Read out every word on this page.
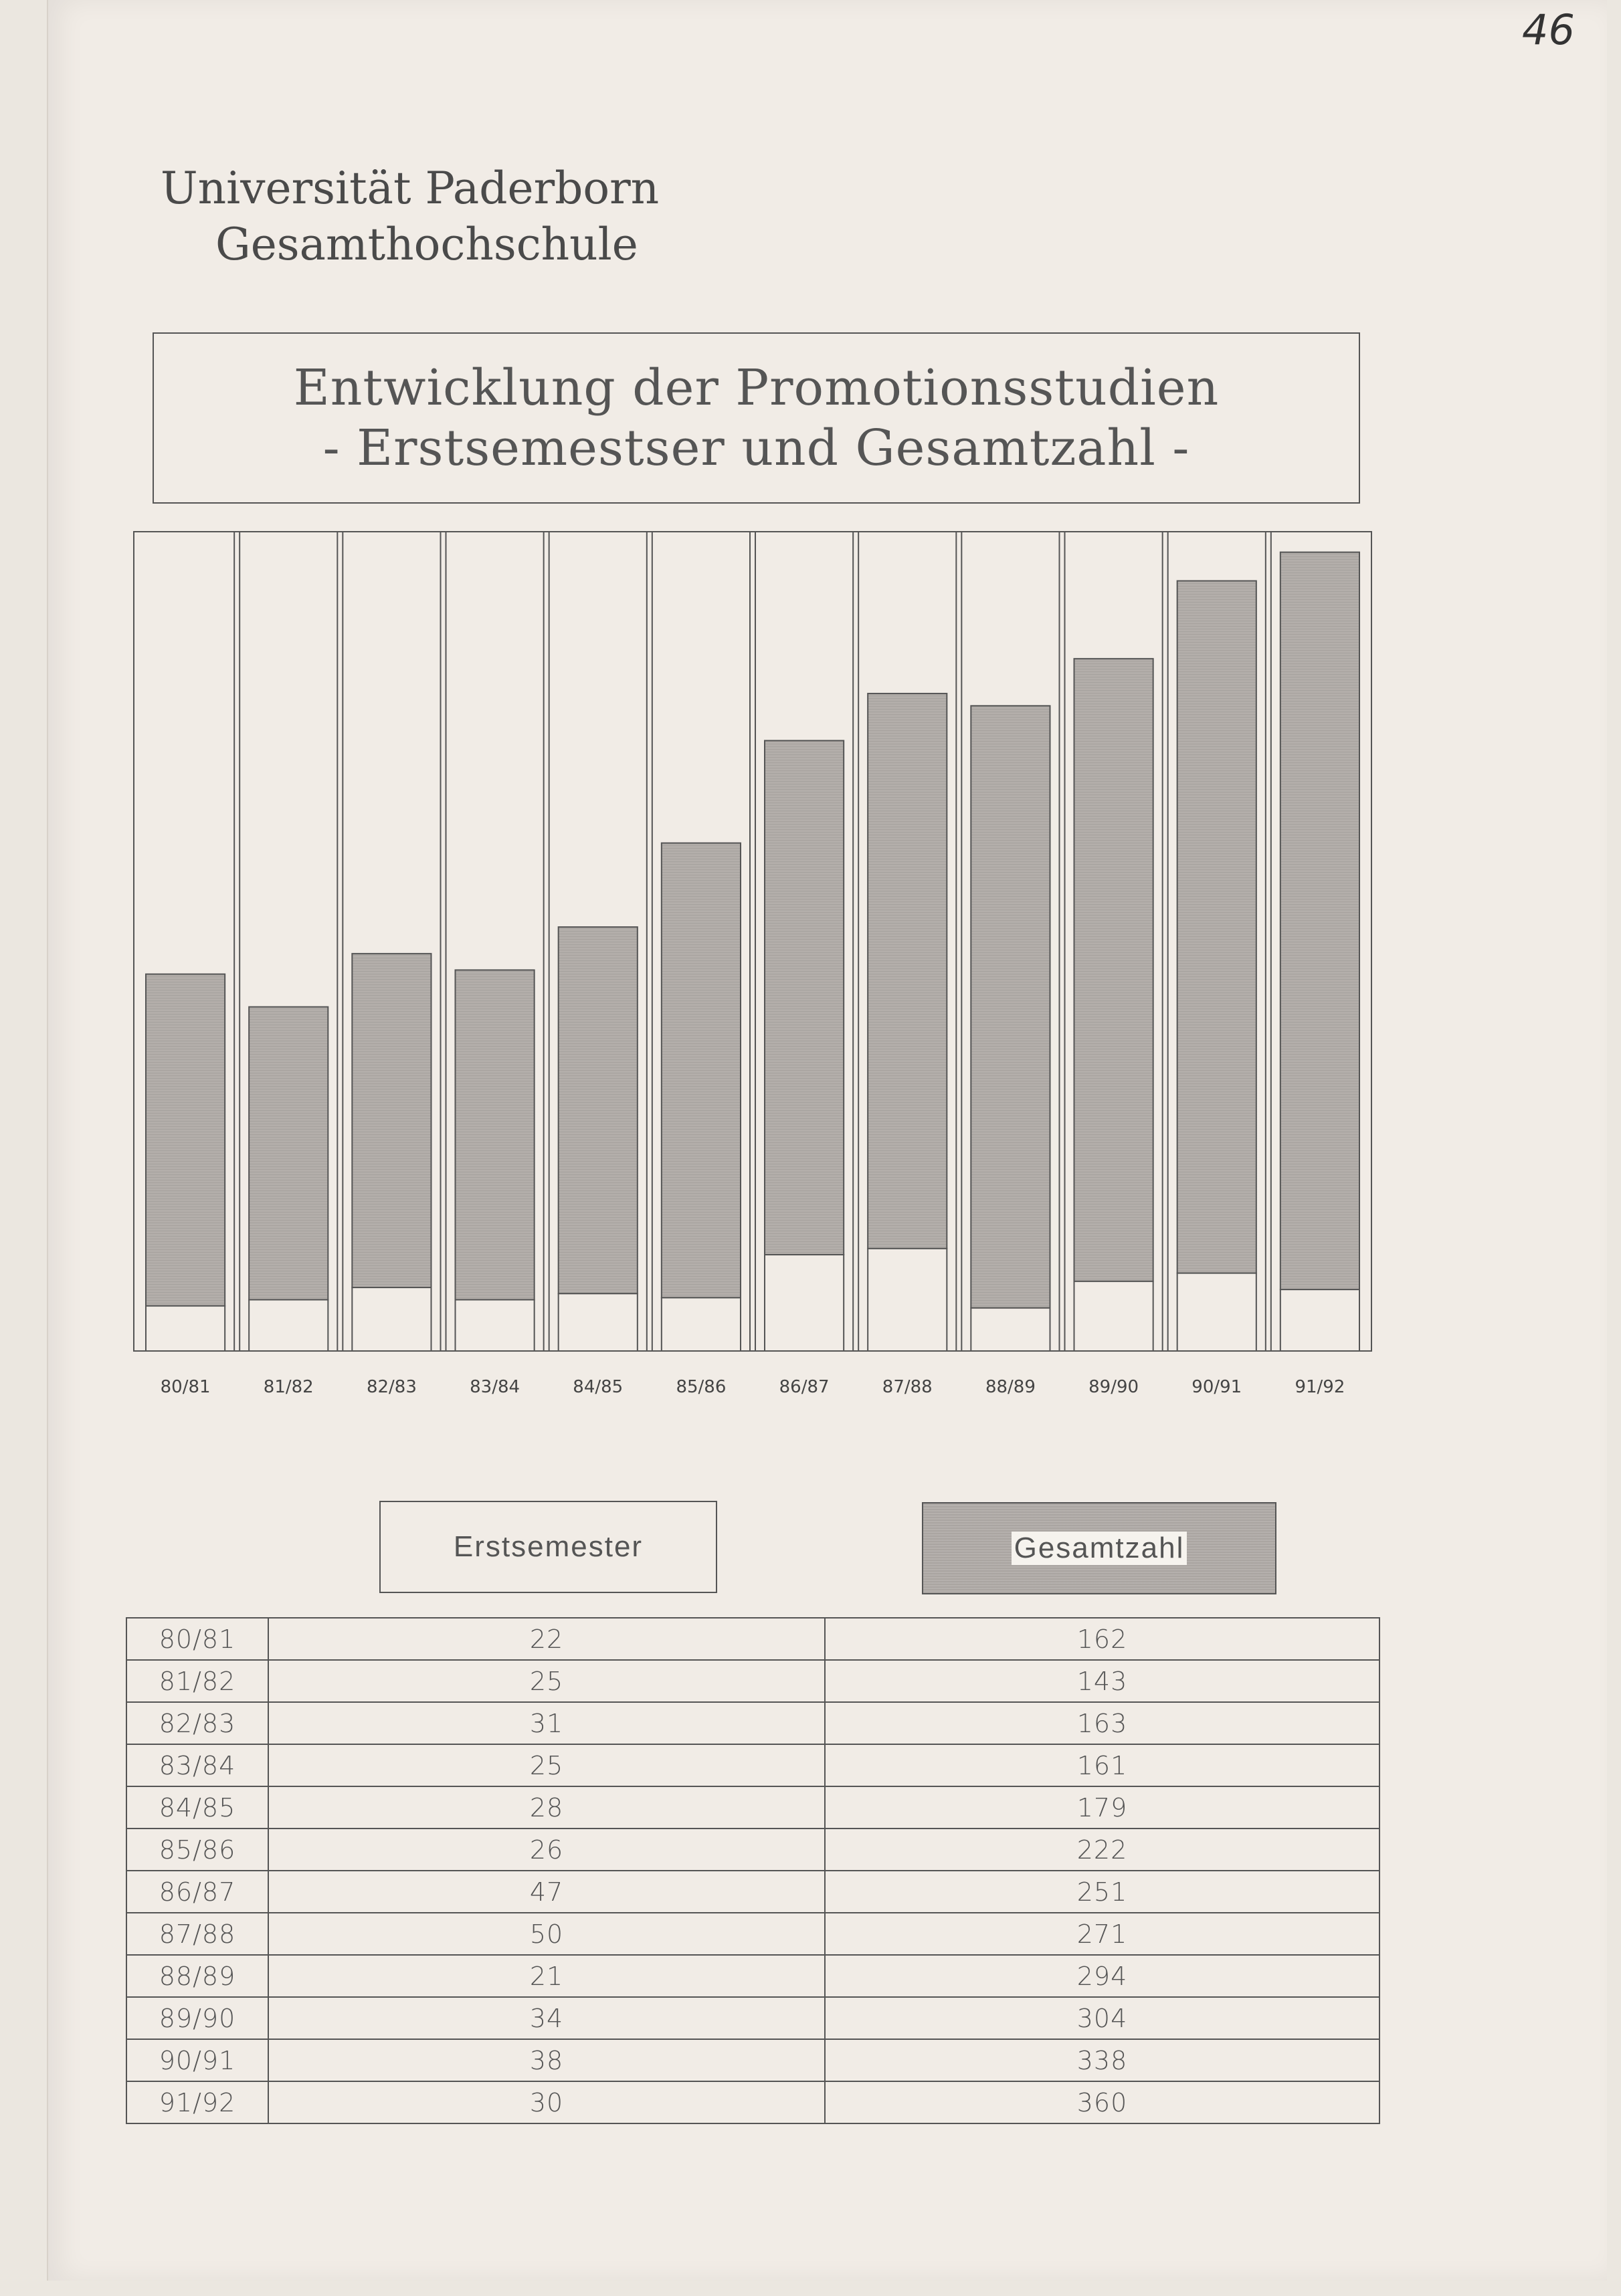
46
Universität Paderborn
Gesamthochschule
Entwicklung der Promotionsstudien
- Erstsemestser und Gesamtzahl -
80/81	81/82	82/83	83/84	84/85	85/86	86/87	87/88	88/89	89/90	90/91	91/92
Erstsemester	Gesamtzahl
80/81	22	162
81/82	25	143
82/83	31	163
83/84	25	161
84/85	28	179
85/86	26	222
86/87	47	251
87/88	50	271
88/89	21	294
89/90	34	304
90/91	38	338
91/92	30	360
